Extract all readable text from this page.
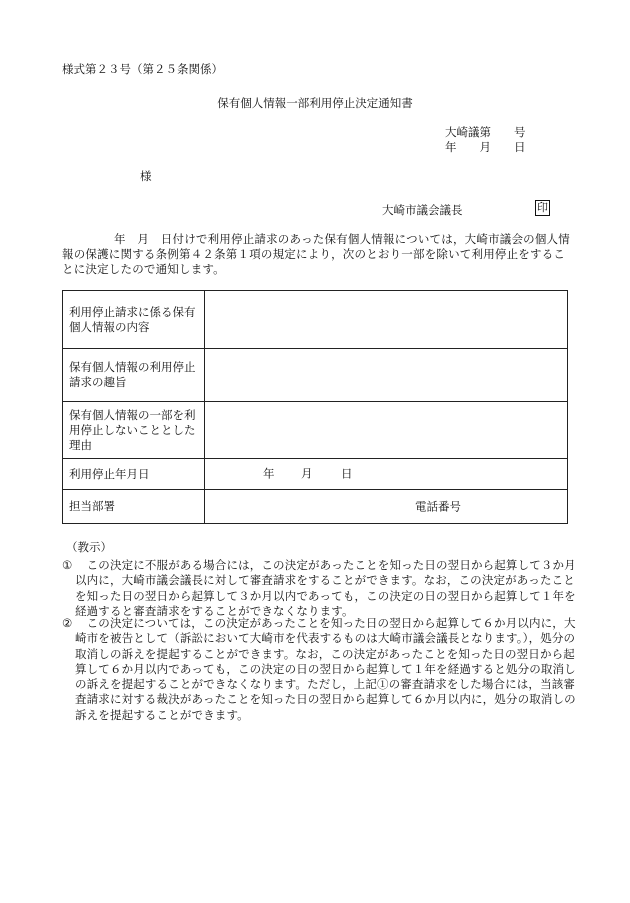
様式第２３号（第２５条関係）
保有個人情報一部利用停止決定通知書
大崎議第　　号
年　　月　　日
様
大崎市議会議長	印
年　月　日付けで利用停止請求のあった保有個人情報については，大崎市議会の個人情報の保護に関する条例第４２条第１項の規定により，次のとおり一部を除いて利用停止をすることに決定したので通知します。
利用停止請求に係る保有個人情報の内容	
保有個人情報の利用停止請求の趣旨	
保有個人情報の一部を利用停止しないこととした理由	
利用停止年月日	年 月 日

担当部署	電話番号
（教示）
①　 この決定に不服がある場合には，この決定があったことを知った日の翌日から起算して３か月以内に，大崎市議会議長に対して審査請求をすることができます。なお，この決定があったことを知った日の翌日から起算して３か月以内であっても，この決定の日の翌日から起算して１年を経過すると審査請求をすることができなくなります。
②　 この決定については，この決定があったことを知った日の翌日から起算して６か月以内に，大崎市を被告として（訴訟において大崎市を代表するものは大崎市議会議長となります。），処分の取消しの訴えを提起することができます。なお，この決定があったことを知った日の翌日から起算して６か月以内であっても，この決定の日の翌日から起算して１年を経過すると処分の取消しの訴えを提起することができなくなります。ただし，上記①の審査請求をした場合には，当該審査請求に対する裁決があったことを知った日の翌日から起算して６か月以内に，処分の取消しの訴えを提起することができます。
